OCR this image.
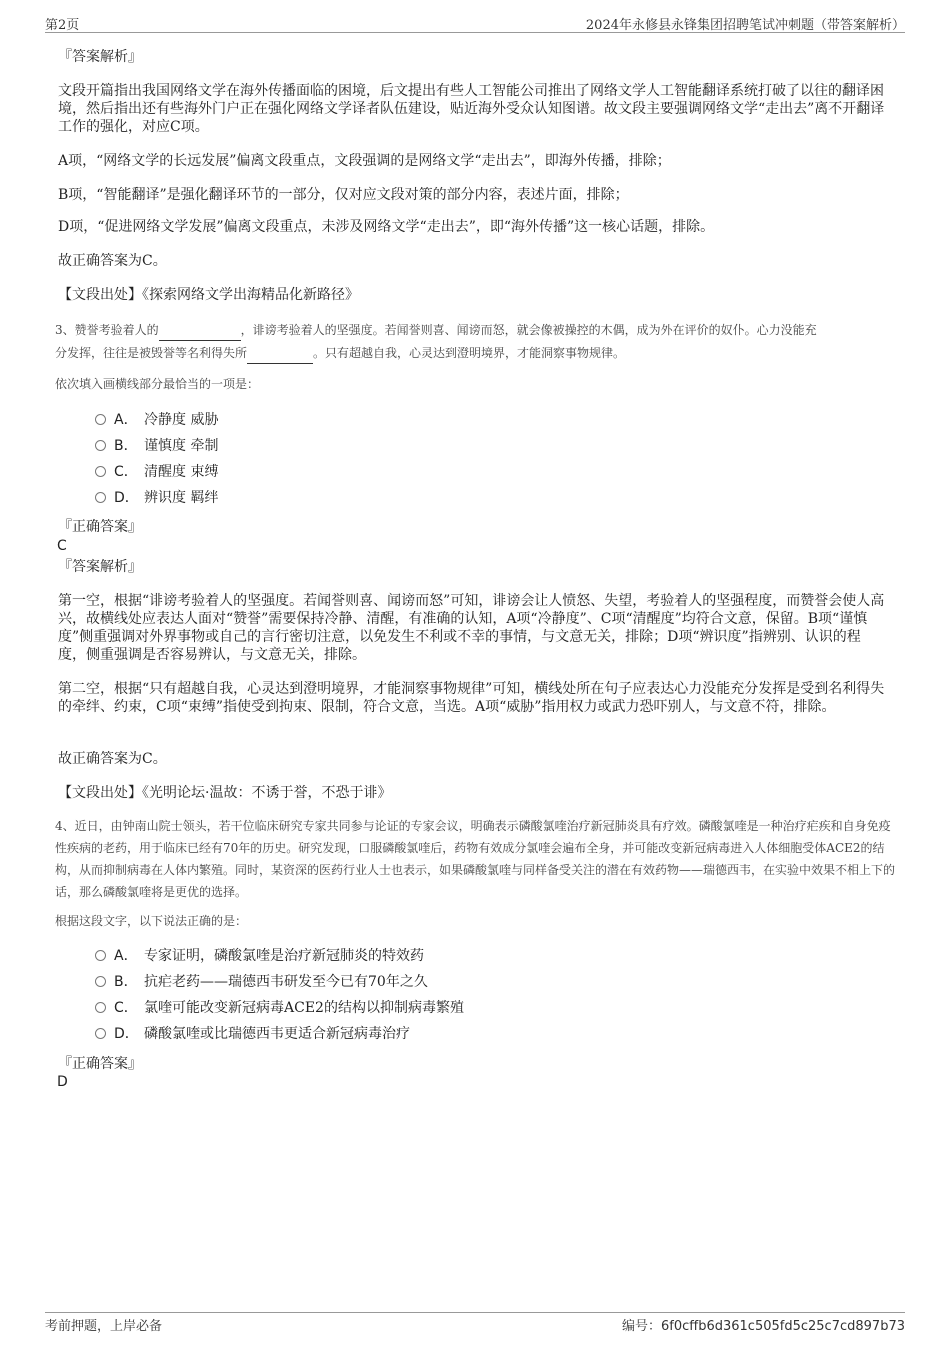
第2页	2024年永修县永锋集团招聘笔试冲刺题（带答案解析）
『答案解析』
文段开篇指出我国网络文学在海外传播面临的困境，后文提出有些人工智能公司推出了网络文学人工智能翻译系统打破了以往的翻译困境，然后指出还有些海外门户正在强化网络文学译者队伍建设，贴近海外受众认知图谱。故文段主要强调网络文学“走出去”离不开翻译工作的强化，对应C项。
A项，“网络文学的长远发展”偏离文段重点，文段强调的是网络文学“走出去”，即海外传播，排除；
B项，“智能翻译”是强化翻译环节的一部分，仅对应文段对策的部分内容，表述片面，排除；
D项，“促进网络文学发展”偏离文段重点，未涉及网络文学“走出去”，即“海外传播”这一核心话题，排除。
故正确答案为C。
【文段出处】《探索网络文学出海精品化新路径》
3、赞誉考验着人的	，诽谤考验着人的坚强度。若闻誉则喜、闻谤而怒，就会像被操控的木偶，成为外在评价的奴仆。心力没能充
分发挥，往往是被毁誉等名利得失所	。只有超越自我，心灵达到澄明境界，才能洞察事物规律。
依次填入画横线部分最恰当的一项是：
A． 冷静度 威胁
B． 谨慎度 牵制
C． 清醒度 束缚
D． 辨识度 羁绊
『正确答案』
C
『答案解析』
第一空，根据“诽谤考验着人的坚强度。若闻誉则喜、闻谤而怒”可知，诽谤会让人愤怒、失望，考验着人的坚强程度，而赞誉会使人高兴，故横线处应表达人面对“赞誉”需要保持冷静、清醒，有准确的认知，A项“冷静度”、C项“清醒度”均符合文意，保留。B项“谨慎度”侧重强调对外界事物或自己的言行密切注意，以免发生不利或不幸的事情，与文意无关，排除；D项“辨识度”指辨别、认识的程度，侧重强调是否容易辨认，与文意无关，排除。
第二空，根据“只有超越自我，心灵达到澄明境界，才能洞察事物规律”可知，横线处所在句子应表达心力没能充分发挥是受到名利得失的牵绊、约束，C项“束缚”指使受到拘束、限制，符合文意，当选。A项“威胁”指用权力或武力恐吓别人，与文意不符，排除。
故正确答案为C。
【文段出处】《光明论坛·温故：不诱于誉，不恐于诽》
4、近日，由钟南山院士领头，若干位临床研究专家共同参与论证的专家会议，明确表示磷酸氯喹治疗新冠肺炎具有疗效。磷酸氯喹是一种治疗疟疾和自身免疫性疾病的老药，用于临床已经有70年的历史。研究发现，口服磷酸氯喹后，药物有效成分氯喹会遍布全身，并可能改变新冠病毒进入人体细胞受体ACE2的结构，从而抑制病毒在人体内繁殖。同时，某资深的医药行业人士也表示，如果磷酸氯喹与同样备受关注的潜在有效药物——瑞德西韦，在实验中效果不相上下的话，那么磷酸氯喹将是更优的选择。
根据这段文字，以下说法正确的是：
A． 专家证明，磷酸氯喹是治疗新冠肺炎的特效药
B． 抗疟老药——瑞德西韦研发至今已有70年之久
C． 氯喹可能改变新冠病毒ACE2的结构以抑制病毒繁殖
D． 磷酸氯喹或比瑞德西韦更适合新冠病毒治疗
『正确答案』
D
考前押题，上岸必备	编号：6f0cffb6d361c505fd5c25c7cd897b73
